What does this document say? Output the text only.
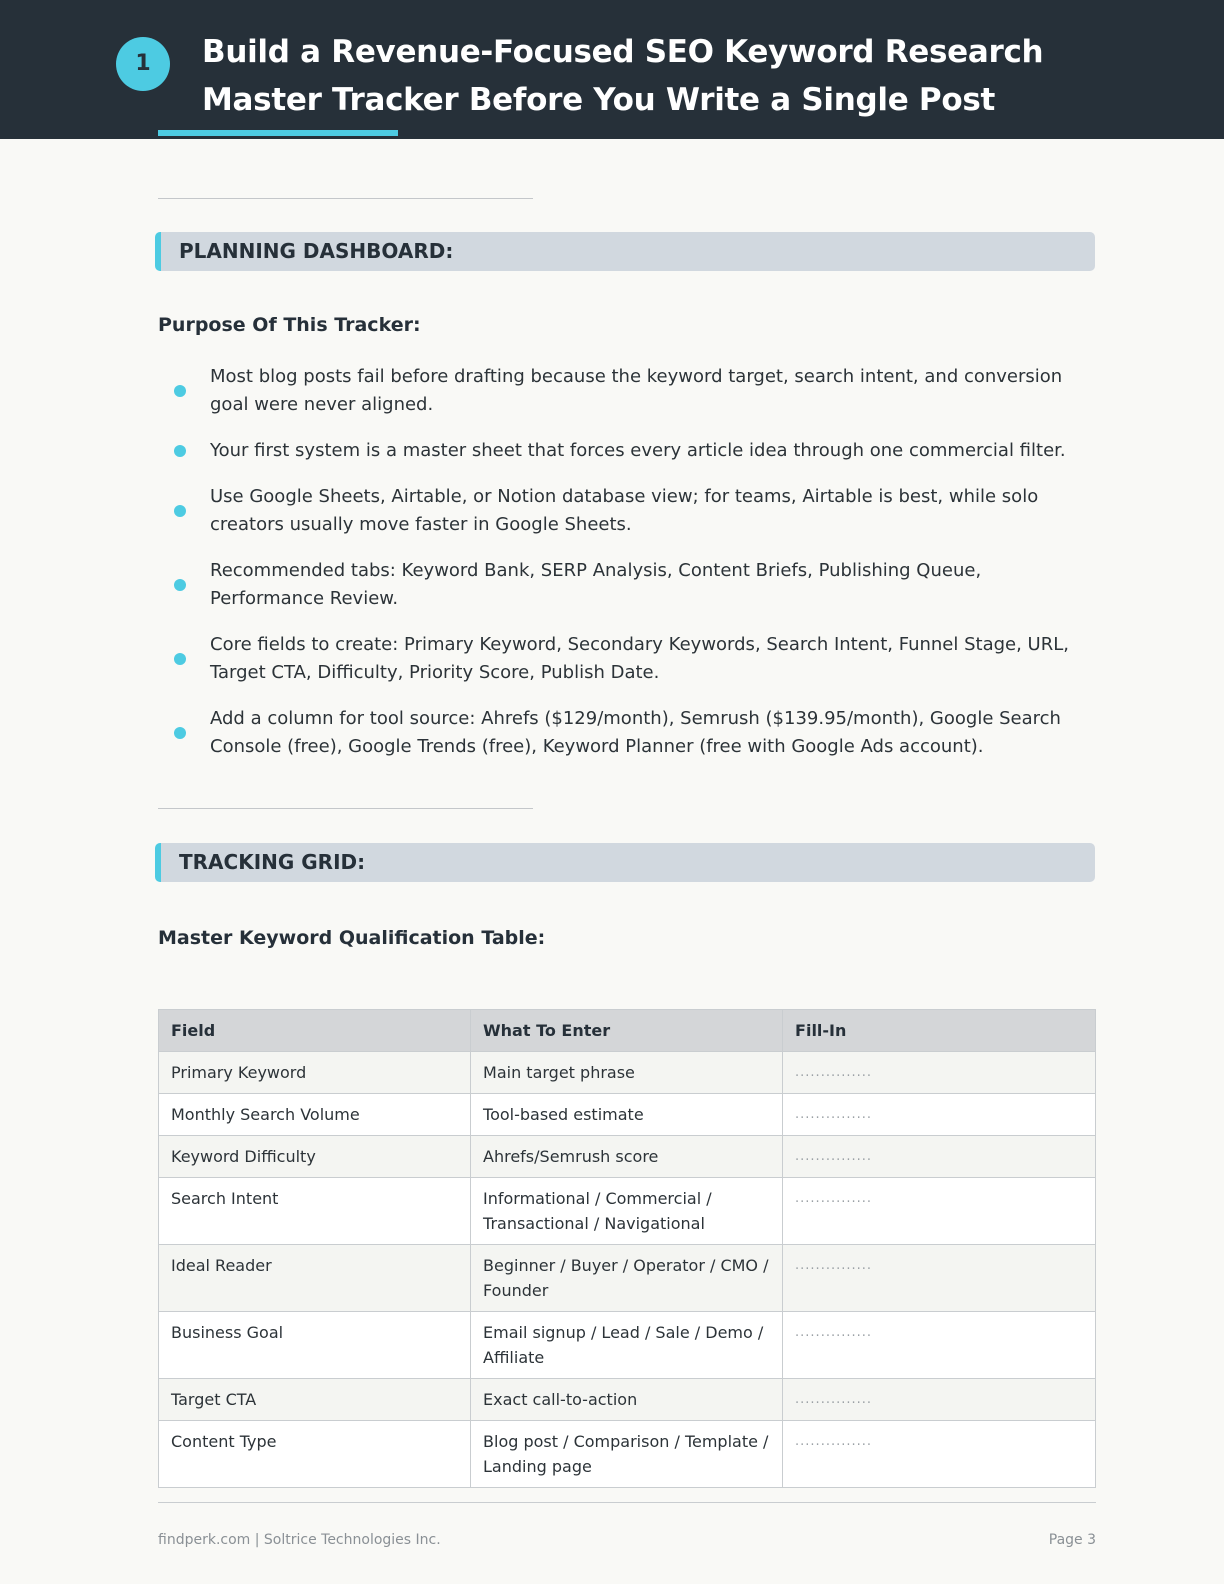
1	Build a Revenue-Focused SEO Keyword Research Master Tracker Before You Write a Single Post
PLANNING DASHBOARD:
Purpose Of This Tracker:
Most blog posts fail before drafting because the keyword target, search intent, and conversion goal were never aligned.
Your first system is a master sheet that forces every article idea through one commercial filter.
Use Google Sheets, Airtable, or Notion database view; for teams, Airtable is best, while solo creators usually move faster in Google Sheets.
Recommended tabs: Keyword Bank, SERP Analysis, Content Briefs, Publishing Queue, Performance Review.
Core fields to create: Primary Keyword, Secondary Keywords, Search Intent, Funnel Stage, URL, Target CTA, Difficulty, Priority Score, Publish Date.
Add a column for tool source: Ahrefs ($129/month), Semrush ($139.95/month), Google Search Console (free), Google Trends (free), Keyword Planner (free with Google Ads account).
TRACKING GRID:
Master Keyword Qualification Table:
Field	What To Enter	Fill-In
Primary Keyword	Main target phrase	...............
Monthly Search Volume	Tool-based estimate	...............
Keyword Difficulty	Ahrefs/Semrush score	...............
Search Intent	Informational / Commercial / Transactional / Navigational	...............
Ideal Reader	Beginner / Buyer / Operator / CMO / Founder	...............
Business Goal	Email signup / Lead / Sale / Demo / Affiliate	...............
Target CTA	Exact call-to-action	...............
Content Type	Blog post / Comparison / Template / Landing page	...............
findperk.com | Soltrice Technologies Inc.	Page 3
